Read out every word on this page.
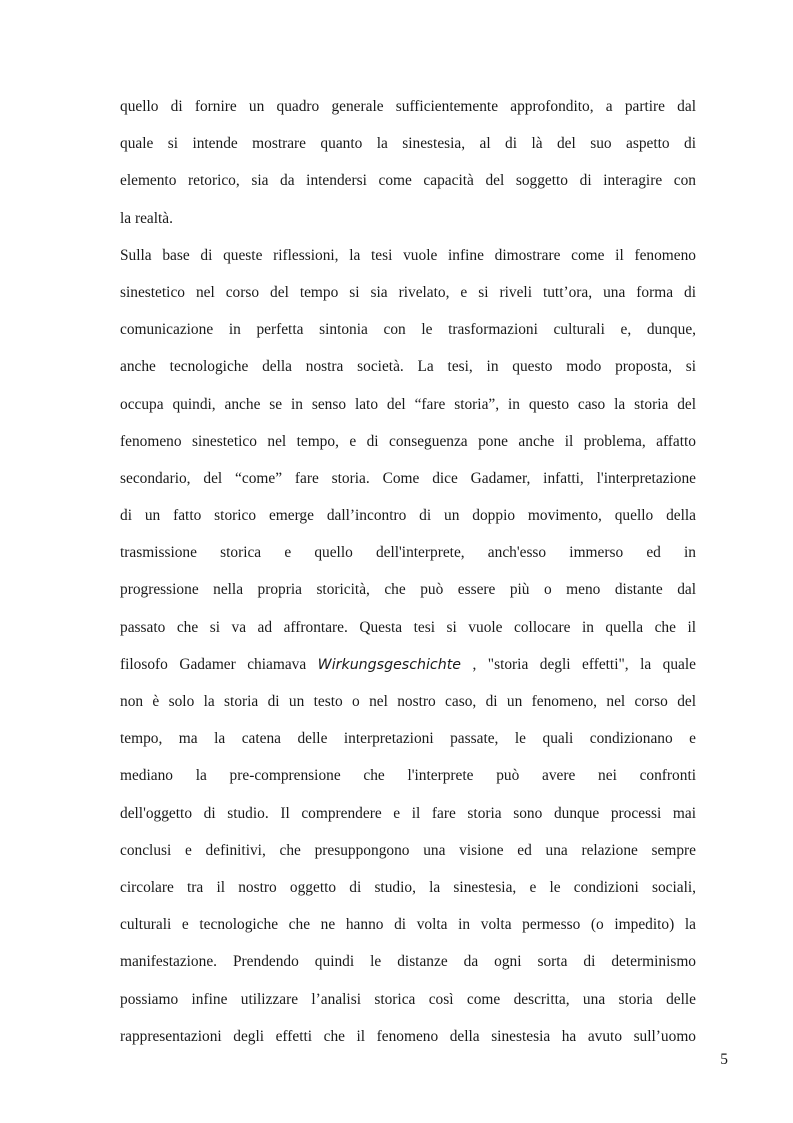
quello di fornire un quadro generale sufficientemente approfondito, a partire dal
quale si intende mostrare quanto la sinestesia, al di là del suo aspetto di
elemento retorico, sia da intendersi come capacità del soggetto di interagire con
la realtà.
Sulla base di queste riflessioni, la tesi vuole infine dimostrare come il fenomeno
sinestetico nel corso del tempo si sia rivelato, e si riveli tutt’ora, una forma di
comunicazione in perfetta sintonia con le trasformazioni culturali e, dunque,
anche tecnologiche della nostra società. La tesi, in questo modo proposta, si
occupa quindi, anche se in senso lato del “fare storia”, in questo caso la storia del
fenomeno sinestetico nel tempo, e di conseguenza pone anche il problema, affatto
secondario, del “come” fare storia. Come dice Gadamer, infatti, l'interpretazione
di un fatto storico emerge dall’incontro di un doppio movimento, quello della
trasmissione storica e quello dell'interprete, anch'esso immerso ed in
progressione nella propria storicità, che può essere più o meno distante dal
passato che si va ad affrontare. Questa tesi si vuole collocare in quella che il
filosofo Gadamer chiamava Wirkungsgeschichte , "storia degli effetti", la quale
non è solo la storia di un testo o nel nostro caso, di un fenomeno, nel corso del
tempo, ma la catena delle interpretazioni passate, le quali condizionano e
mediano la pre-comprensione che l'interprete può avere nei confronti
dell'oggetto di studio. Il comprendere e il fare storia sono dunque processi mai
conclusi e definitivi, che presuppongono una visione ed una relazione sempre
circolare tra il nostro oggetto di studio, la sinestesia, e le condizioni sociali,
culturali e tecnologiche che ne hanno di volta in volta permesso (o impedito) la
manifestazione. Prendendo quindi le distanze da ogni sorta di determinismo
possiamo infine utilizzare l’analisi storica così come descritta, una storia delle
rappresentazioni degli effetti che il fenomeno della sinestesia ha avuto sull’uomo
5
